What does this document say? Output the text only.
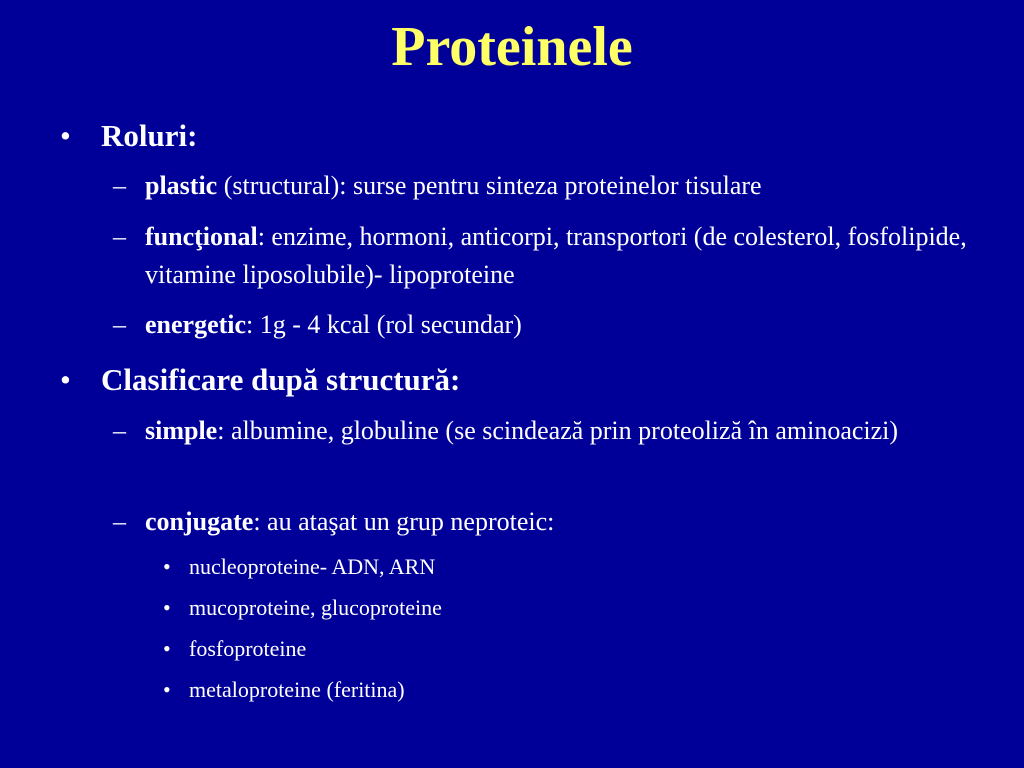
Proteinele
• Roluri:
– plastic (structural): surse pentru sinteza proteinelor tisulare
– funcţional: enzime, hormoni, anticorpi, transportori (de colesterol, fosfolipide, vitamine liposolubile)- lipoproteine
– energetic: 1g - 4 kcal (rol secundar)
• Clasificare după structură:
– simple: albumine, globuline (se scindează prin proteoliză în aminoacizi)
– conjugate: au ataşat un grup neproteic:
• nucleoproteine- ADN, ARN
• mucoproteine, glucoproteine
• fosfoproteine
• metaloproteine (feritina)
